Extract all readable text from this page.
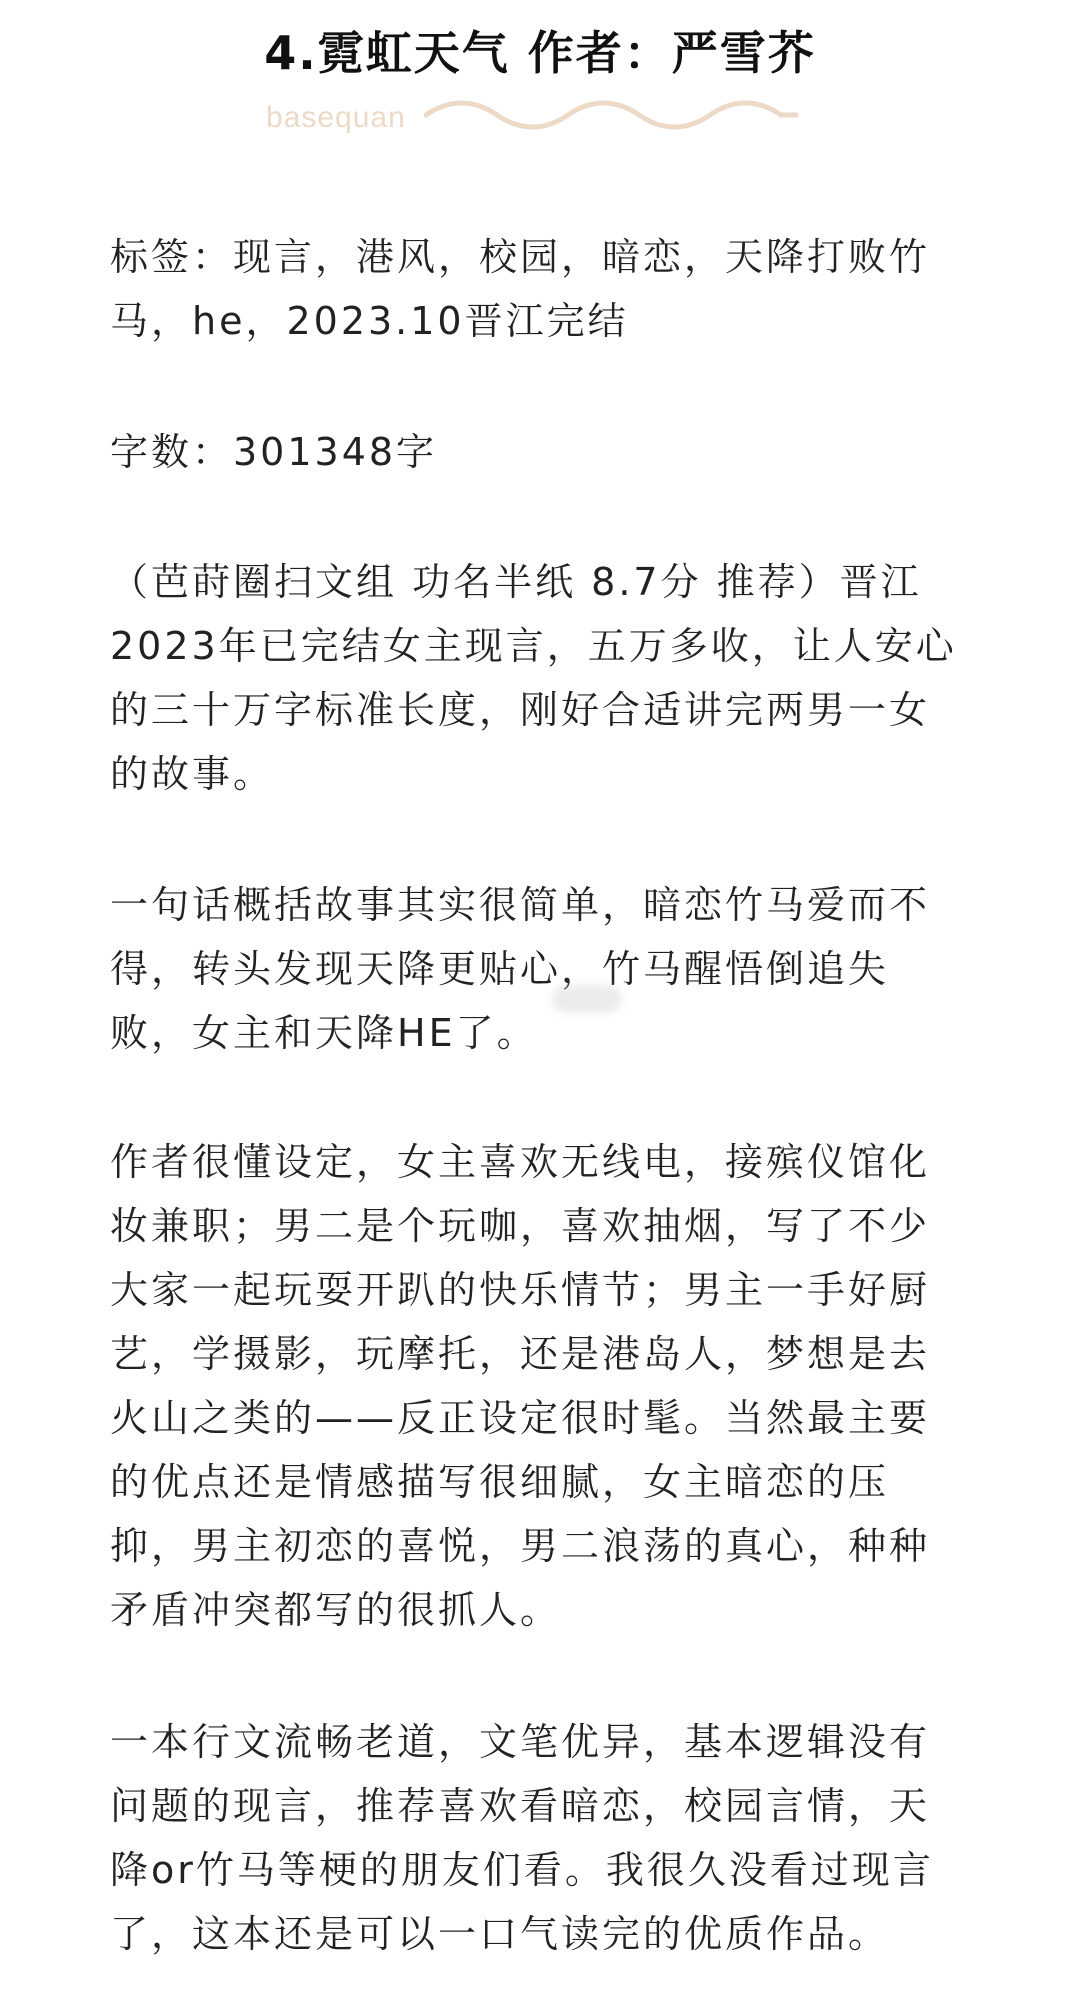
4.霓虹天气 作者：严雪芥
basequan

标签：现言，港风，校园，暗恋，天降打败竹
马，he，2023.10晋江完结

字数：301348字

（芭莳圈扫文组 功名半纸 8.7分 推荐）晋江
2023年已完结女主现言，五万多收，让人安心
的三十万字标准长度，刚好合适讲完两男一女
的故事。

一句话概括故事其实很简单，暗恋竹马爱而不
得，转头发现天降更贴心，竹马醒悟倒追失
败，女主和天降HE了。

作者很懂设定，女主喜欢无线电，接殡仪馆化
妆兼职；男二是个玩咖，喜欢抽烟，写了不少
大家一起玩耍开趴的快乐情节；男主一手好厨
艺，学摄影，玩摩托，还是港岛人，梦想是去
火山之类的——反正设定很时髦。当然最主要
的优点还是情感描写很细腻，女主暗恋的压
抑，男主初恋的喜悦，男二浪荡的真心，种种
矛盾冲突都写的很抓人。

一本行文流畅老道，文笔优异，基本逻辑没有
问题的现言，推荐喜欢看暗恋，校园言情，天
降or竹马等梗的朋友们看。我很久没看过现言
了，这本还是可以一口气读完的优质作品。
